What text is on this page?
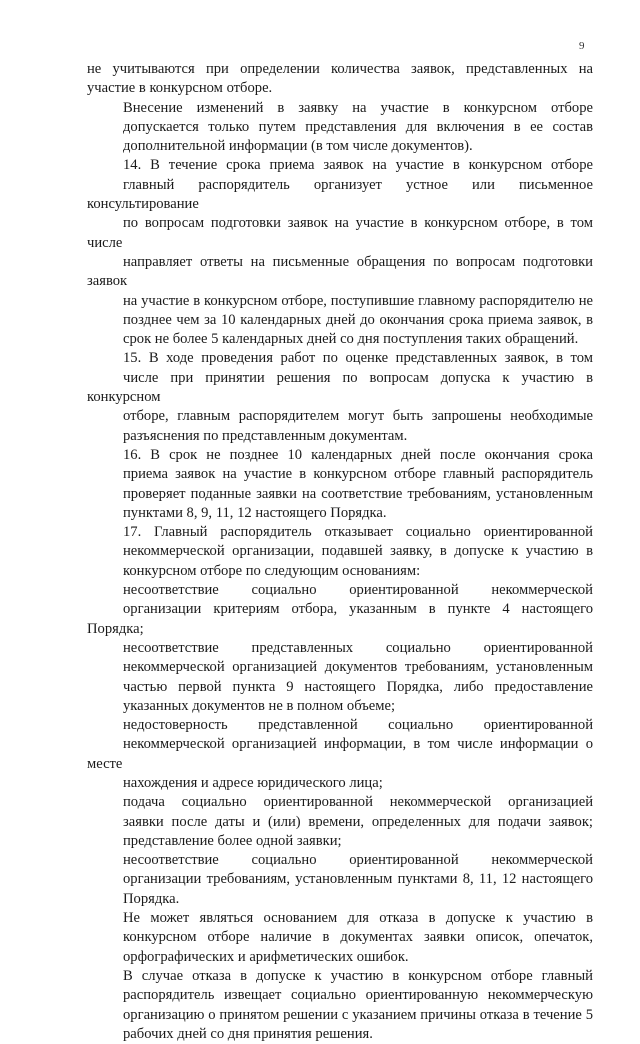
9

не учитываются при определении количества заявок, представленных на
участие в конкурсном отборе.

Внесение изменений в заявку на участие в конкурсном отборе
допускается только путем представления для включения в ее состав
дополнительной информации (в том числе документов).

14. В течение срока приема заявок на участие в конкурсном отборе
главный распорядитель организует устное или письменное консультирование
по вопросам подготовки заявок на участие в конкурсном отборе, в том числе
направляет ответы на письменные обращения по вопросам подготовки заявок
на участие в конкурсном отборе, поступившие главному распорядителю не
позднее чем за 10 календарных дней до окончания срока приема заявок, в
срок не более 5 календарных дней со дня поступления таких обращений.

15. В ходе проведения работ по оценке представленных заявок, в том
числе при принятии решения по вопросам допуска к участию в конкурсном
отборе, главным распорядителем могут быть запрошены необходимые
разъяснения по представленным документам.

16. В срок не позднее 10 календарных дней после окончания срока
приема заявок на участие в конкурсном отборе главный распорядитель
проверяет поданные заявки на соответствие требованиям, установленным
пунктами 8, 9, 11, 12 настоящего Порядка.

17. Главный распорядитель отказывает социально ориентированной
некоммерческой организации, подавшей заявку, в допуске к участию в
конкурсном отборе по следующим основаниям:

несоответствие социально ориентированной некоммерческой
организации критериям отбора, указанным в пункте 4 настоящего Порядка;

несоответствие представленных социально ориентированной
некоммерческой организацией документов требованиям, установленным
частью первой пункта 9 настоящего Порядка, либо предоставление
указанных документов не в полном объеме;

недостоверность представленной социально ориентированной
некоммерческой организацией информации, в том числе информации о месте
нахождения и адресе юридического лица;

подача социально ориентированной некоммерческой организацией
заявки после даты и (или) времени, определенных для подачи заявок;
представление более одной заявки;

несоответствие социально ориентированной некоммерческой
организации требованиям, установленным пунктами 8, 11, 12 настоящего
Порядка.

Не может являться основанием для отказа в допуске к участию в
конкурсном отборе наличие в документах заявки описок, опечаток,
орфографических и арифметических ошибок.

В случае отказа в допуске к участию в конкурсном отборе главный
распорядитель извещает социально ориентированную некоммерческую
организацию о принятом решении с указанием причины отказа в течение 5
рабочих дней со дня принятия решения.
